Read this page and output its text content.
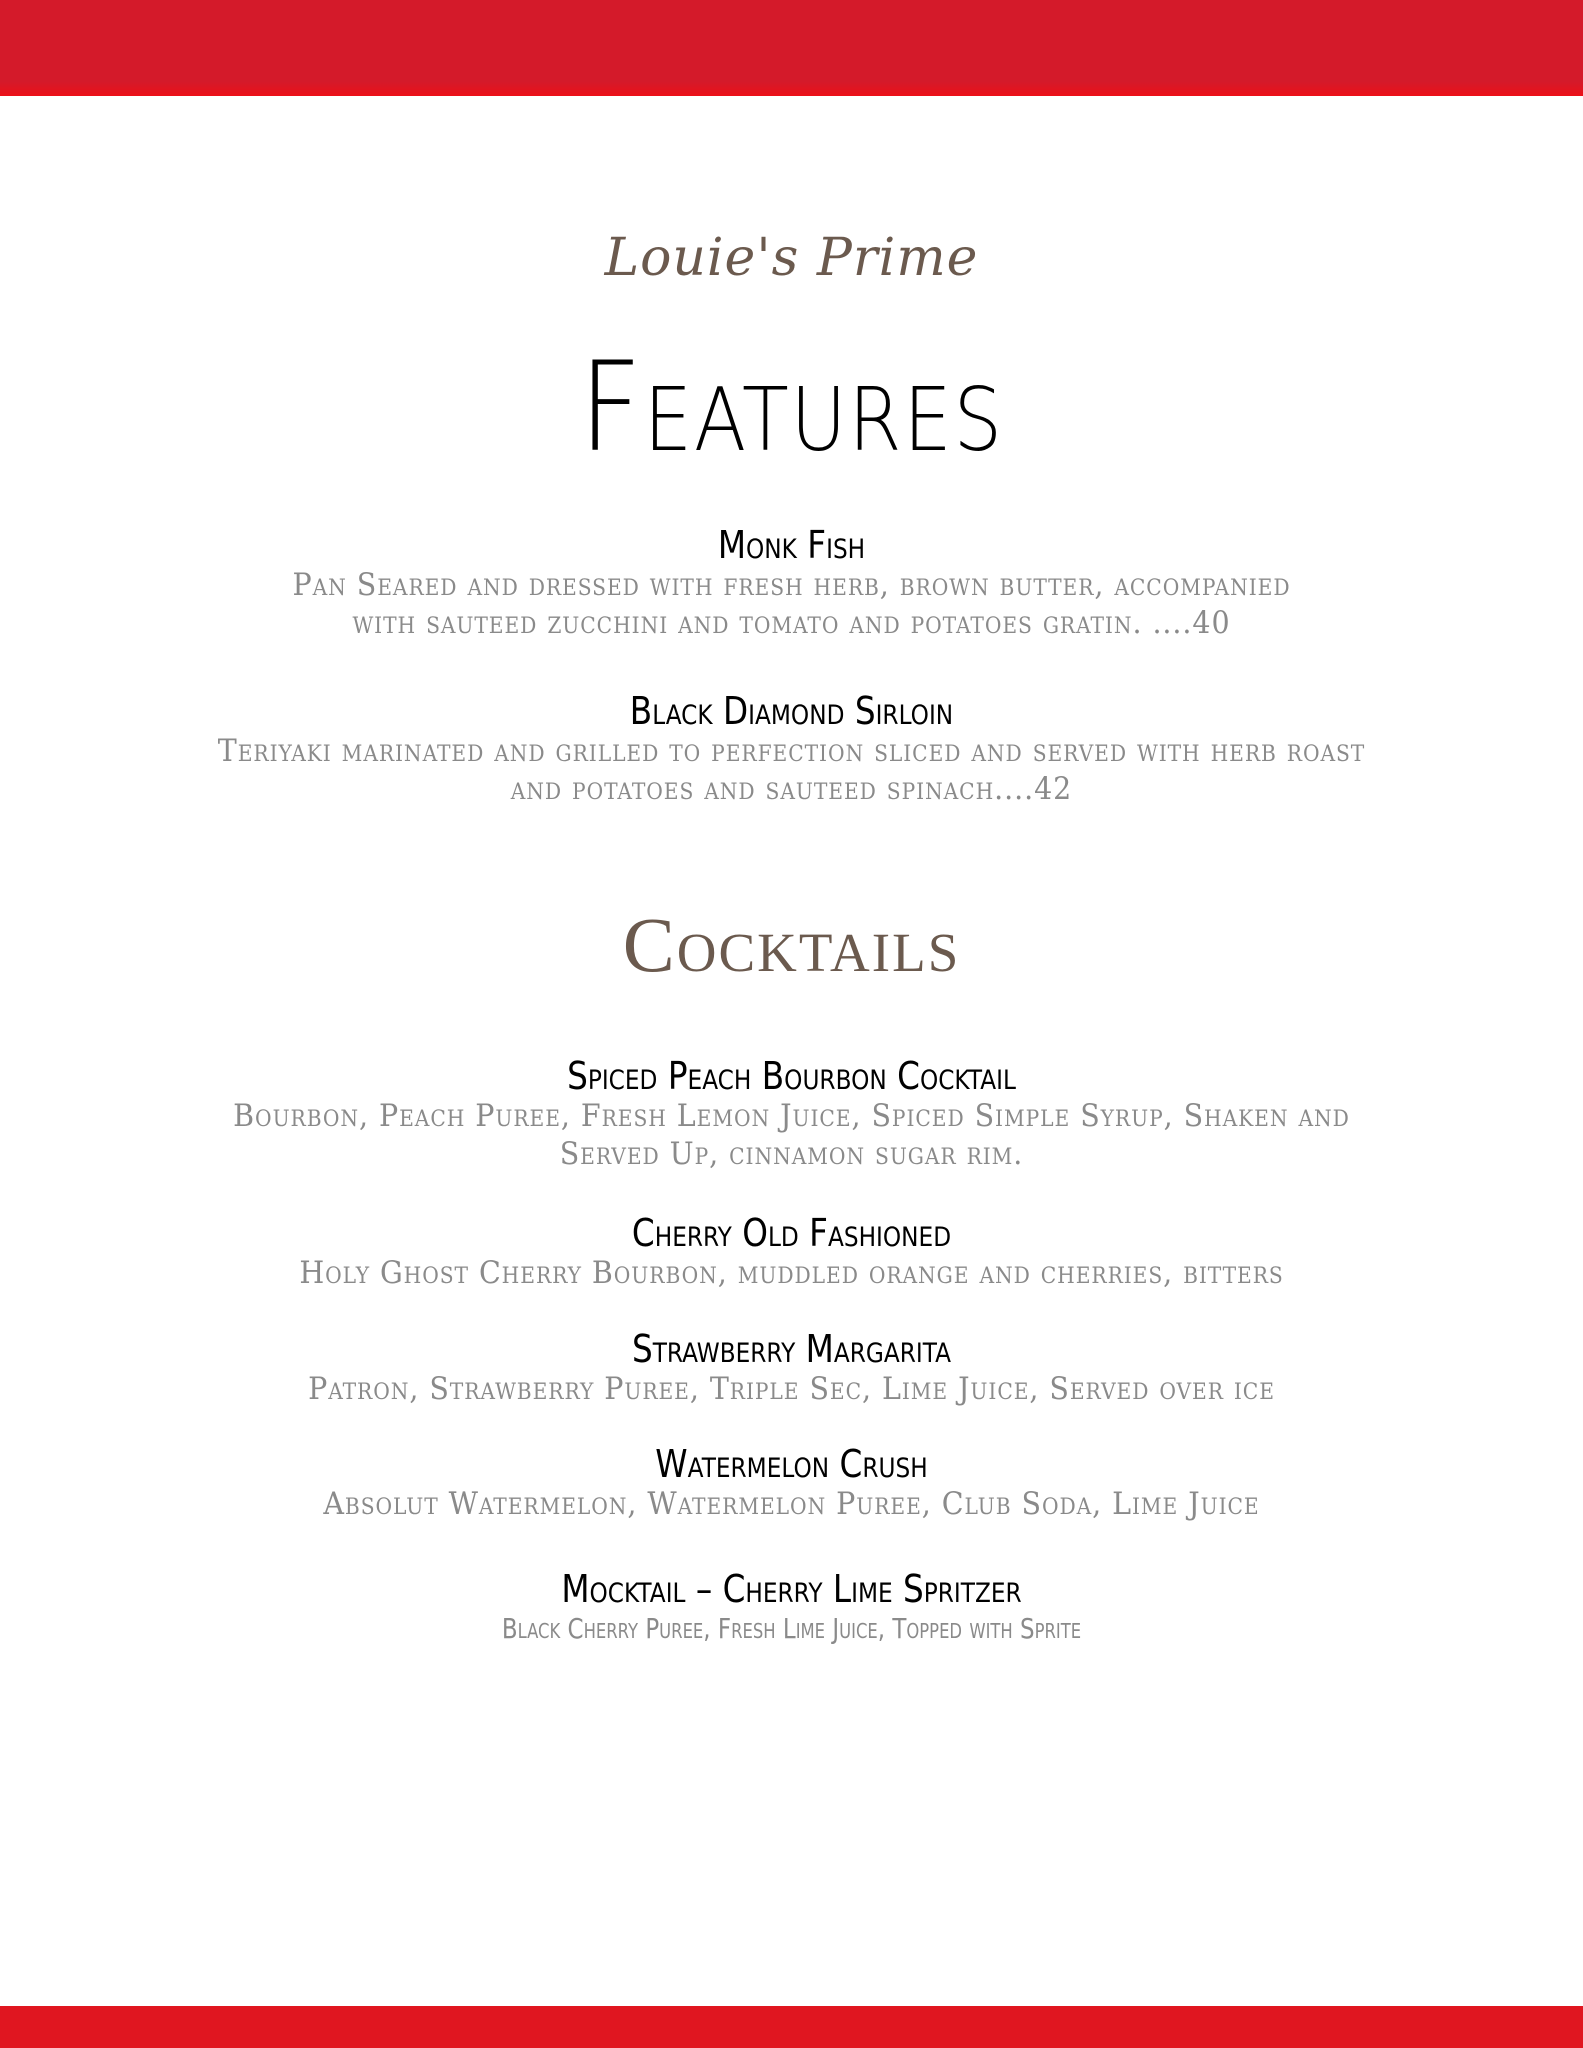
Louie's Prime
Features
Monk Fish
Pan Seared and dressed with fresh herb, brown butter, accompanied
with sauteed zucchini and tomato and potatoes gratin. ....40
Black Diamond Sirloin
Teriyaki marinated and grilled to perfection sliced and served with herb roast
and potatoes and sauteed spinach....42
Cocktails
Spiced Peach Bourbon Cocktail
Bourbon, Peach Puree, Fresh Lemon Juice, Spiced Simple Syrup, Shaken and
Served Up, cinnamon sugar rim.
Cherry Old Fashioned
Holy Ghost Cherry Bourbon, muddled orange and cherries, bitters
Strawberry Margarita
Patron, Strawberry Puree, Triple Sec, Lime Juice, Served over ice
Watermelon Crush
Absolut Watermelon, Watermelon Puree, Club Soda, Lime Juice
Mocktail – Cherry Lime Spritzer
Black Cherry Puree, Fresh Lime Juice, Topped with Sprite
